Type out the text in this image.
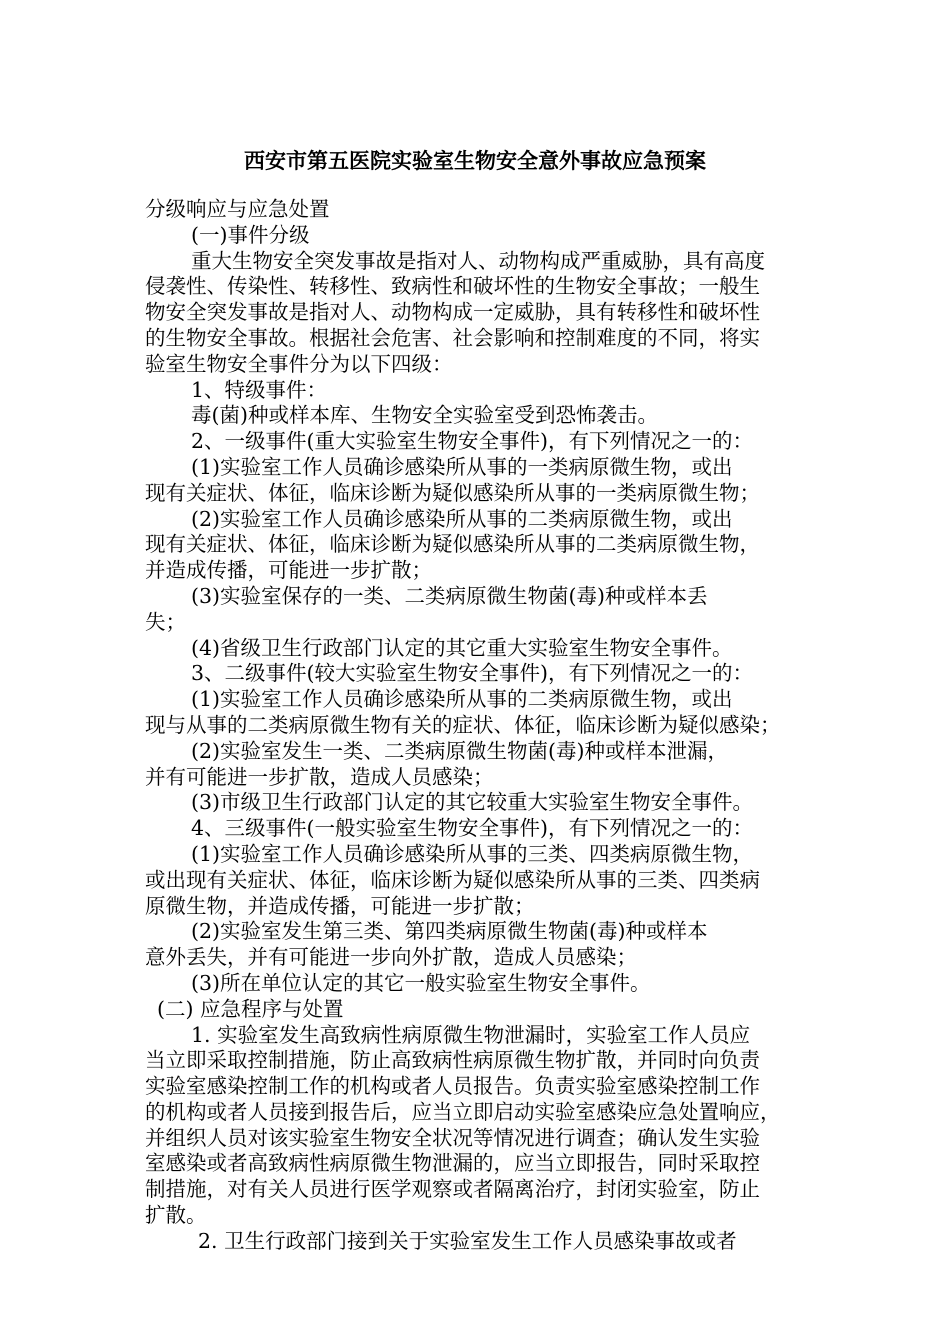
西安市第五医院实验室生物安全意外事故应急预案
分级响应与应急处置
(一)事件分级
重大生物安全突发事故是指对人、动物构成严重威胁，具有高度
侵袭性、传染性、转移性、致病性和破坏性的生物安全事故；一般生
物安全突发事故是指对人、动物构成一定威胁，具有转移性和破坏性
的生物安全事故。根据社会危害、社会影响和控制难度的不同，将实
验室生物安全事件分为以下四级：
1、特级事件：
毒(菌)种或样本库、生物安全实验室受到恐怖袭击。
2、一级事件(重大实验室生物安全事件)，有下列情况之一的：
(1)实验室工作人员确诊感染所从事的一类病原微生物，或出
现有关症状、体征，临床诊断为疑似感染所从事的一类病原微生物；
(2)实验室工作人员确诊感染所从事的二类病原微生物，或出
现有关症状、体征，临床诊断为疑似感染所从事的二类病原微生物，
并造成传播，可能进一步扩散；
(3)实验室保存的一类、二类病原微生物菌(毒)种或样本丢
失；
(4)省级卫生行政部门认定的其它重大实验室生物安全事件。
3、二级事件(较大实验室生物安全事件)，有下列情况之一的：
(1)实验室工作人员确诊感染所从事的二类病原微生物，或出
现与从事的二类病原微生物有关的症状、体征，临床诊断为疑似感染；
(2)实验室发生一类、二类病原微生物菌(毒)种或样本泄漏，
并有可能进一步扩散，造成人员感染；
(3)市级卫生行政部门认定的其它较重大实验室生物安全事件。
4、三级事件(一般实验室生物安全事件)，有下列情况之一的：
(1)实验室工作人员确诊感染所从事的三类、四类病原微生物，
或出现有关症状、体征，临床诊断为疑似感染所从事的三类、四类病
原微生物，并造成传播，可能进一步扩散；
(2)实验室发生第三类、第四类病原微生物菌(毒)种或样本
意外丢失，并有可能进一步向外扩散，造成人员感染；
(3)所在单位认定的其它一般实验室生物安全事件。
(二) 应急程序与处置
1. 实验室发生高致病性病原微生物泄漏时，实验室工作人员应
当立即采取控制措施，防止高致病性病原微生物扩散，并同时向负责
实验室感染控制工作的机构或者人员报告。负责实验室感染控制工作
的机构或者人员接到报告后，应当立即启动实验室感染应急处置响应，
并组织人员对该实验室生物安全状况等情况进行调查；确认发生实验
室感染或者高致病性病原微生物泄漏的，应当立即报告，同时采取控
制措施，对有关人员进行医学观察或者隔离治疗，封闭实验室，防止
扩散。
2. 卫生行政部门接到关于实验室发生工作人员感染事故或者
